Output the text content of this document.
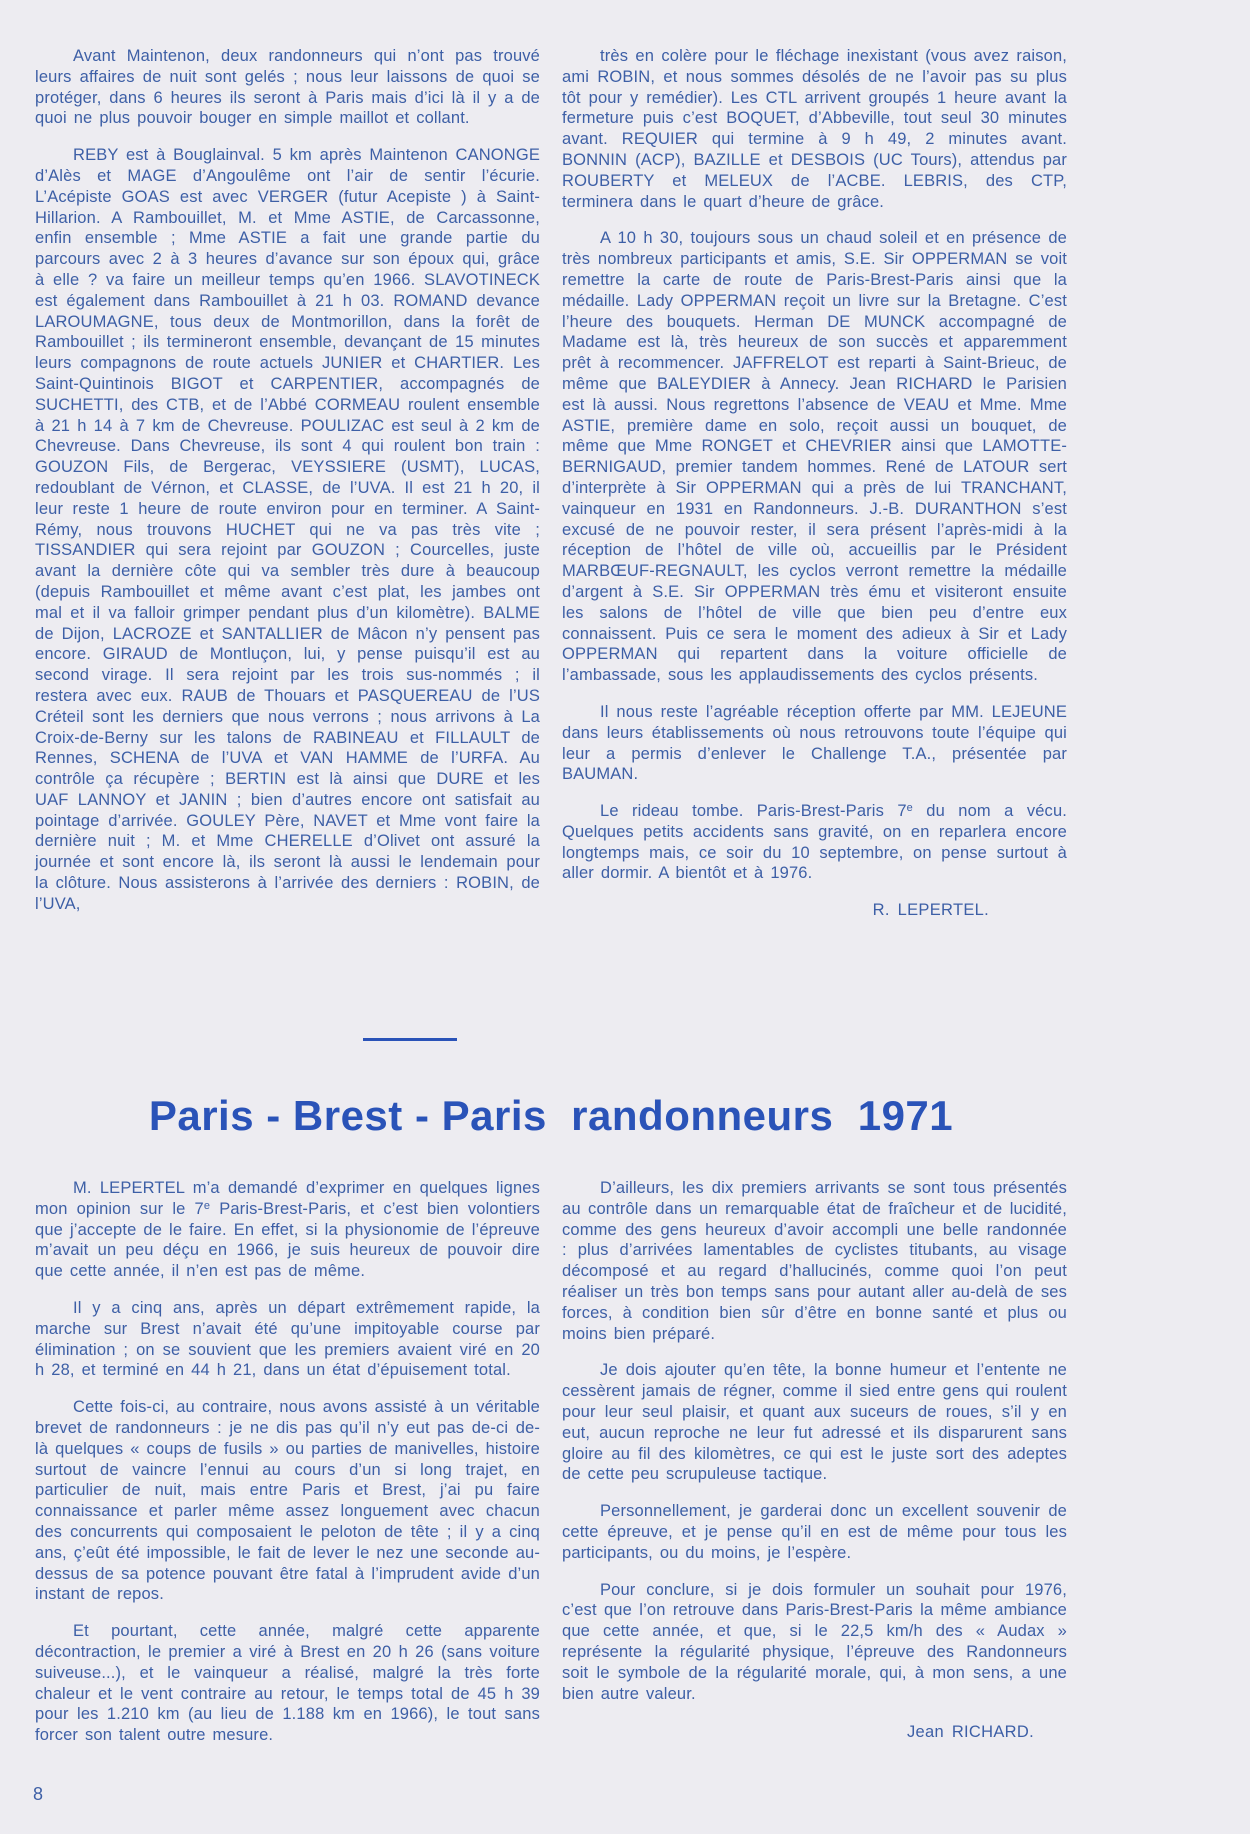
Avant Maintenon, deux randonneurs qui n’ont pas trouvé leurs affaires de nuit sont gelés ; nous leur laissons de quoi se protéger, dans 6 heures ils seront à Paris mais d’ici là il y a de quoi ne plus pouvoir bouger en simple maillot et collant.

REBY est à Bouglainval. 5 km après Maintenon CANONGE d’Alès et MAGE d’Angoulême ont l’air de sentir l’écurie. L’Acépiste GOAS est avec VERGER (futur Acepiste ) à Saint-Hillarion. A Rambouillet, M. et Mme ASTIE, de Carcassonne, enfin ensemble ; Mme ASTIE a fait une grande partie du parcours avec 2 à 3 heures d’avance sur son époux qui, grâce à elle ? va faire un meilleur temps qu’en 1966. SLAVOTINECK est également dans Rambouillet à 21 h 03. ROMAND devance LAROUMAGNE, tous deux de Montmorillon, dans la forêt de Rambouillet ; ils termineront ensemble, devançant de 15 minutes leurs compagnons de route actuels JUNIER et CHARTIER. Les Saint-Quintinois BIGOT et CARPENTIER, accompagnés de SUCHETTI, des CTB, et de l’Abbé CORMEAU roulent ensemble à 21 h 14 à 7 km de Chevreuse. POULIZAC est seul à 2 km de Chevreuse. Dans Chevreuse, ils sont 4 qui roulent bon train : GOUZON Fils, de Bergerac, VEYSSIERE (USMT), LUCAS, redoublant de Vérnon, et CLASSE, de l’UVA. Il est 21 h 20, il leur reste 1 heure de route environ pour en terminer. A Saint-Rémy, nous trouvons HUCHET qui ne va pas très vite ; TISSANDIER qui sera rejoint par GOUZON ; Courcelles, juste avant la dernière côte qui va sembler très dure à beaucoup (depuis Rambouillet et même avant c’est plat, les jambes ont mal et il va falloir grimper pendant plus d’un kilomètre). BALME de Dijon, LACROZE et SANTALLIER de Mâcon n’y pensent pas encore. GIRAUD de Montluçon, lui, y pense puisqu’il est au second virage. Il sera rejoint par les trois sus-nommés ; il restera avec eux. RAUB de Thouars et PASQUEREAU de l’US Créteil sont les derniers que nous verrons ; nous arrivons à La Croix-de-Berny sur les talons de RABINEAU et FILLAULT de Rennes, SCHENA de l’UVA et VAN HAMME de l’URFA. Au contrôle ça récupère ; BERTIN est là ainsi que DURE et les UAF LANNOY et JANIN ; bien d’autres encore ont satisfait au pointage d’arrivée. GOULEY Père, NAVET et Mme vont faire la dernière nuit ; M. et Mme CHERELLE d’Olivet ont assuré la journée et sont encore là, ils seront là aussi le lendemain pour la clôture. Nous assisterons à l’arrivée des derniers : ROBIN, de l’UVA,

très en colère pour le fléchage inexistant (vous avez raison, ami ROBIN, et nous sommes désolés de ne l’avoir pas su plus tôt pour y remédier). Les CTL arrivent groupés 1 heure avant la fermeture puis c’est BOQUET, d’Abbeville, tout seul 30 minutes avant. REQUIER qui termine à 9 h 49, 2 minutes avant. BONNIN (ACP), BAZILLE et DESBOIS (UC Tours), attendus par ROUBERTY et MELEUX de l’ACBE. LEBRIS, des CTP, terminera dans le quart d’heure de grâce.

A 10 h 30, toujours sous un chaud soleil et en présence de très nombreux participants et amis, S.E. Sir OPPERMAN se voit remettre la carte de route de Paris-Brest-Paris ainsi que la médaille. Lady OPPERMAN reçoit un livre sur la Bretagne. C’est l’heure des bouquets. Herman DE MUNCK accompagné de Madame est là, très heureux de son succès et apparemment prêt à recommencer. JAFFRELOT est reparti à Saint-Brieuc, de même que BALEYDIER à Annecy. Jean RICHARD le Parisien est là aussi. Nous regrettons l’absence de VEAU et Mme. Mme ASTIE, première dame en solo, reçoit aussi un bouquet, de même que Mme RONGET et CHEVRIER ainsi que LAMOTTE-BERNIGAUD, premier tandem hommes. René de LATOUR sert d’interprète à Sir OPPERMAN qui a près de lui TRANCHANT, vainqueur en 1931 en Randonneurs. J.-B. DURANTHON s’est excusé de ne pouvoir rester, il sera présent l’après-midi à la réception de l’hôtel de ville où, accueillis par le Président MARBŒUF-REGNAULT, les cyclos verront remettre la médaille d’argent à S.E. Sir OPPERMAN très ému et visiteront ensuite les salons de l’hôtel de ville que bien peu d’entre eux connaissent. Puis ce sera le moment des adieux à Sir et Lady OPPERMAN qui repartent dans la voiture officielle de l’ambassade, sous les applaudissements des cyclos présents.

Il nous reste l’agréable réception offerte par MM. LEJEUNE dans leurs établissements où nous retrouvons toute l’équipe qui leur a permis d’enlever le Challenge T.A., présentée par BAUMAN.

Le rideau tombe. Paris-Brest-Paris 7e du nom a vécu. Quelques petits accidents sans gravité, on en reparlera encore longtemps mais, ce soir du 10 septembre, on pense surtout à aller dormir. A bientôt et à 1976.

R. LEPERTEL.

Paris - Brest - Paris  randonneurs  1971

M. LEPERTEL m’a demandé d’exprimer en quelques lignes mon opinion sur le 7e Paris-Brest-Paris, et c’est bien volontiers que j’accepte de le faire. En effet, si la physionomie de l’épreuve m’avait un peu déçu en 1966, je suis heureux de pouvoir dire que cette année, il n’en est pas de même.

Il y a cinq ans, après un départ extrêmement rapide, la marche sur Brest n’avait été qu’une impitoyable course par élimination ; on se souvient que les premiers avaient viré en 20 h 28, et terminé en 44 h 21, dans un état d’épuisement total.

Cette fois-ci, au contraire, nous avons assisté à un véritable brevet de randonneurs : je ne dis pas qu’il n’y eut pas de-ci de-là quelques « coups de fusils » ou parties de manivelles, histoire surtout de vaincre l’ennui au cours d’un si long trajet, en particulier de nuit, mais entre Paris et Brest, j’ai pu faire connaissance et parler même assez longuement avec chacun des concurrents qui composaient le peloton de tête ; il y a cinq ans, ç’eût été impossible, le fait de lever le nez une seconde au-dessus de sa potence pouvant être fatal à l’imprudent avide d’un instant de repos.

Et pourtant, cette année, malgré cette apparente décontraction, le premier a viré à Brest en 20 h 26 (sans voiture suiveuse...), et le vainqueur a réalisé, malgré la très forte chaleur et le vent contraire au retour, le temps total de 45 h 39 pour les 1.210 km (au lieu de 1.188 km en 1966), le tout sans forcer son talent outre mesure.

D’ailleurs, les dix premiers arrivants se sont tous présentés au contrôle dans un remarquable état de fraîcheur et de lucidité, comme des gens heureux d’avoir accompli une belle randonnée : plus d’arrivées lamentables de cyclistes titubants, au visage décomposé et au regard d’hallucinés, comme quoi l’on peut réaliser un très bon temps sans pour autant aller au-delà de ses forces, à condition bien sûr d’être en bonne santé et plus ou moins bien préparé.

Je dois ajouter qu’en tête, la bonne humeur et l’entente ne cessèrent jamais de régner, comme il sied entre gens qui roulent pour leur seul plaisir, et quant aux suceurs de roues, s’il y en eut, aucun reproche ne leur fut adressé et ils disparurent sans gloire au fil des kilomètres, ce qui est le juste sort des adeptes de cette peu scrupuleuse tactique.

Personnellement, je garderai donc un excellent souvenir de cette épreuve, et je pense qu’il en est de même pour tous les participants, ou du moins, je l’espère.

Pour conclure, si je dois formuler un souhait pour 1976, c’est que l’on retrouve dans Paris-Brest-Paris la même ambiance que cette année, et que, si le 22,5 km/h des « Audax » représente la régularité physique, l’épreuve des Randonneurs soit le symbole de la régularité morale, qui, à mon sens, a une bien autre valeur.

Jean RICHARD.

8
